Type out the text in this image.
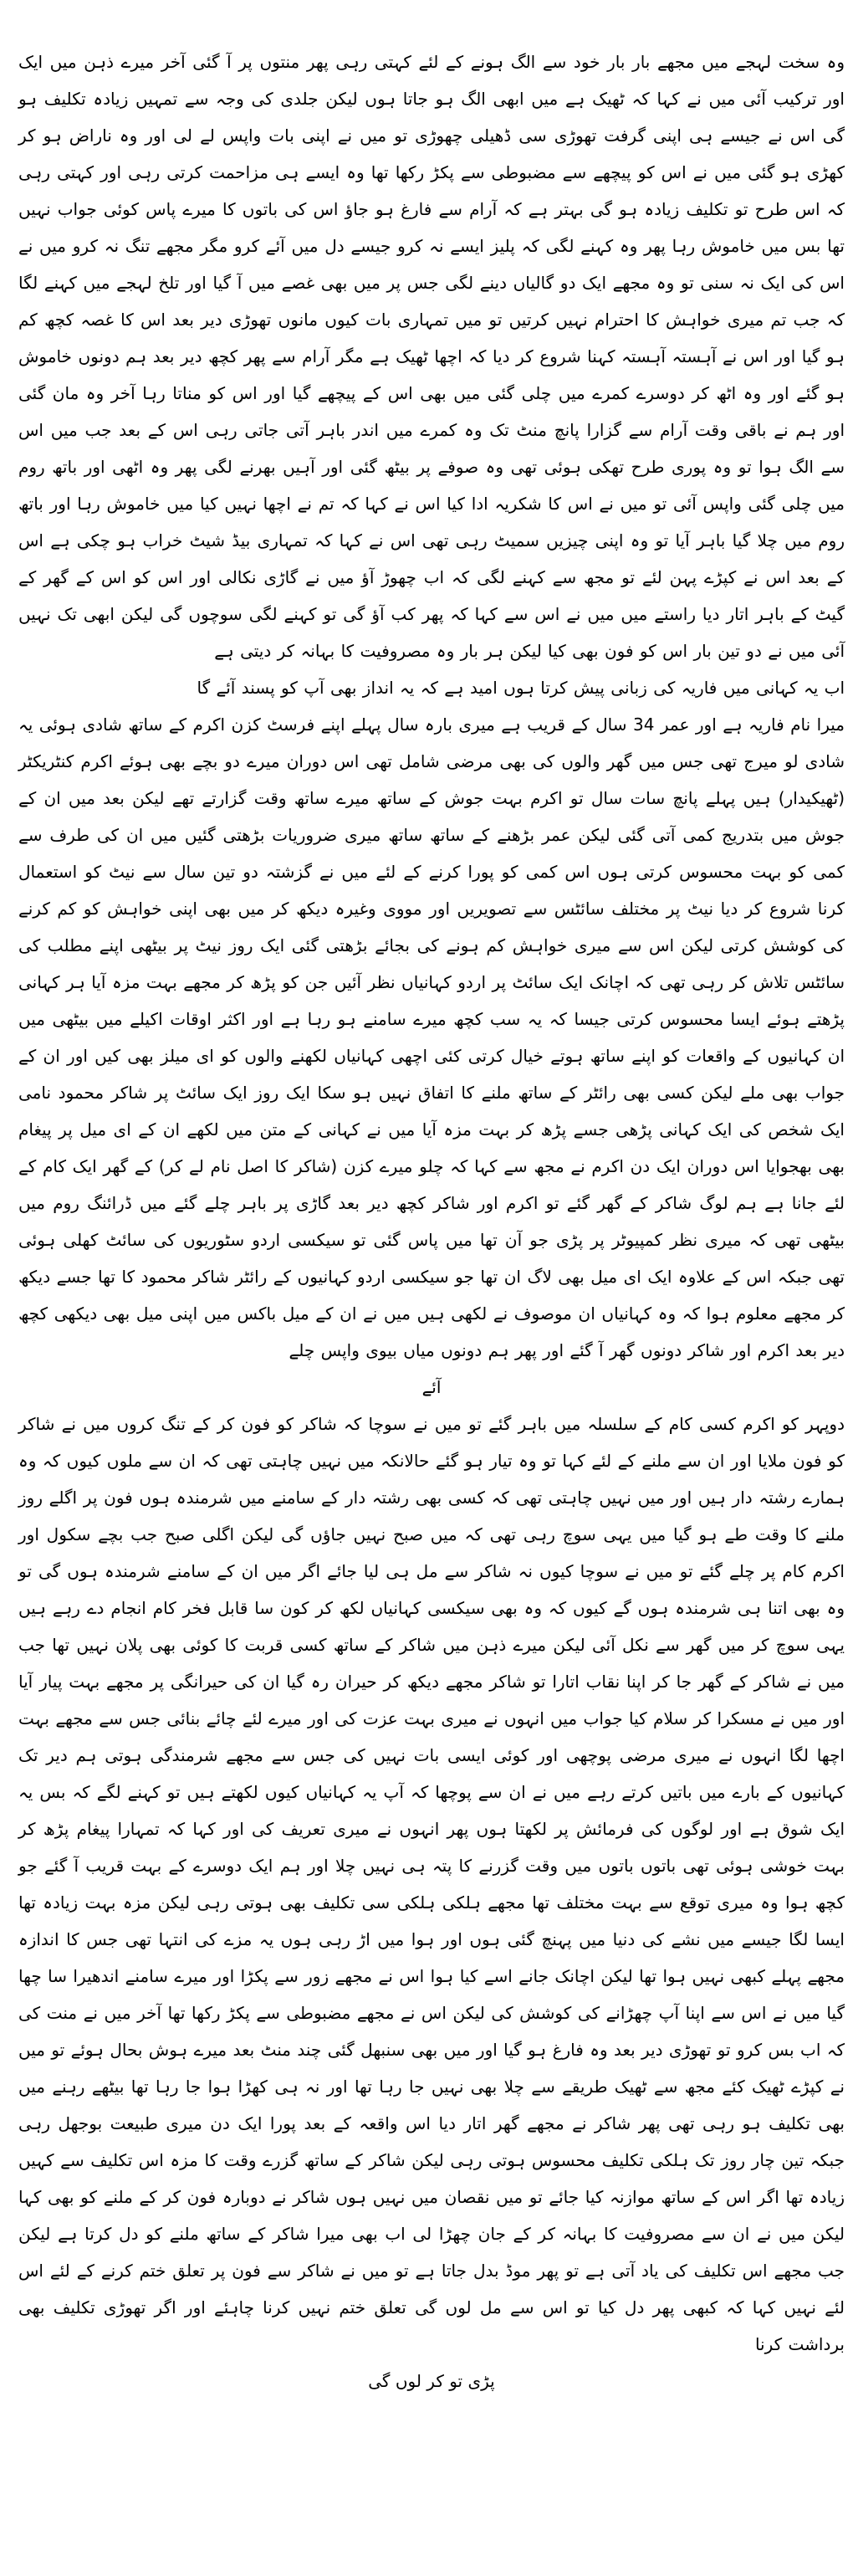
وہ سخت لہجے میں مجھے بار بار خود سے الگ ہونے کے لئے کہتی رہی پھر منتوں پر آ گئی آخر میرے ذہن میں ایک اور ترکیب آئی میں نے کہا کہ ٹھیک ہے میں ابھی الگ ہو جاتا ہوں لیکن جلدی کی وجہ سے تمہیں زیادہ تکلیف ہو گی اس نے جیسے ہی اپنی گرفت تھوڑی سی ڈھیلی چھوڑی تو میں نے اپنی بات واپس لے لی اور وہ ناراض ہو کر کھڑی ہو گئی میں نے اس کو پیچھے سے مضبوطی سے پکڑ رکھا تھا وہ ایسے ہی مزاحمت کرتی رہی اور کہتی رہی کہ اس طرح تو تکلیف زیادہ ہو گی بہتر ہے کہ آرام سے فارغ ہو جاؤ اس کی باتوں کا میرے پاس کوئی جواب نہیں تھا بس میں خاموش رہا پھر وہ کہنے لگی کہ پلیز ایسے نہ کرو جیسے دل میں آئے کرو مگر مجھے تنگ نہ کرو میں نے اس کی ایک نہ سنی تو وہ مجھے ایک دو گالیاں دینے لگی جس پر میں بھی غصے میں آ گیا اور تلخ لہجے میں کہنے لگا کہ جب تم میری خواہش کا احترام نہیں کرتیں تو میں تمہاری بات کیوں مانوں تھوڑی دیر بعد اس کا غصہ کچھ کم ہو گیا اور اس نے آہستہ آہستہ کہنا شروع کر دیا کہ اچھا ٹھیک ہے مگر آرام سے پھر کچھ دیر بعد ہم دونوں خاموش ہو گئے اور وہ اٹھ کر دوسرے کمرے میں چلی گئی میں بھی اس کے پیچھے گیا اور اس کو مناتا رہا آخر وہ مان گئی اور ہم نے باقی وقت آرام سے گزارا پانچ منٹ تک وہ کمرے میں اندر باہر آتی جاتی رہی اس کے بعد جب میں اس سے الگ ہوا تو وہ پوری طرح تھکی ہوئی تھی وہ صوفے پر بیٹھ گئی اور آہیں بھرنے لگی پھر وہ اٹھی اور باتھ روم میں چلی گئی واپس آئی تو میں نے اس کا شکریہ ادا کیا اس نے کہا کہ تم نے اچھا نہیں کیا میں خاموش رہا اور باتھ روم میں چلا گیا باہر آیا تو وہ اپنی چیزیں سمیٹ رہی تھی اس نے کہا کہ تمہاری بیڈ شیٹ خراب ہو چکی ہے اس کے بعد اس نے کپڑے پہن لئے تو مجھ سے کہنے لگی کہ اب چھوڑ آؤ میں نے گاڑی نکالی اور اس کو اس کے گھر کے گیٹ کے باہر اتار دیا راستے میں میں نے اس سے کہا کہ پھر کب آؤ گی تو کہنے لگی سوچوں گی لیکن ابھی تک نہیں آئی میں نے دو تین بار اس کو فون بھی کیا لیکن ہر بار وہ مصروفیت کا بہانہ کر دیتی ہے

اب یہ کہانی میں فاریہ کی زبانی پیش کرتا ہوں امید ہے کہ یہ انداز بھی آپ کو پسند آئے گا

میرا نام فاریہ ہے اور عمر 34 سال کے قریب ہے میری بارہ سال پہلے اپنے فرسٹ کزن اکرم کے ساتھ شادی ہوئی یہ شادی لو میرج تھی جس میں گھر والوں کی بھی مرضی شامل تھی اس دوران میرے دو بچے بھی ہوئے اکرم کنٹریکٹر (ٹھیکیدار) ہیں پہلے پانچ سات سال تو اکرم بہت جوش کے ساتھ میرے ساتھ وقت گزارتے تھے لیکن بعد میں ان کے جوش میں بتدریج کمی آتی گئی لیکن عمر بڑھنے کے ساتھ ساتھ میری ضروریات بڑھتی گئیں میں ان کی طرف سے کمی کو بہت محسوس کرتی ہوں اس کمی کو پورا کرنے کے لئے میں نے گزشتہ دو تین سال سے نیٹ کو استعمال کرنا شروع کر دیا نیٹ پر مختلف سائٹس سے تصویریں اور مووی وغیرہ دیکھ کر میں بھی اپنی خواہش کو کم کرنے کی کوشش کرتی لیکن اس سے میری خواہش کم ہونے کی بجائے بڑھتی گئی ایک روز نیٹ پر بیٹھی اپنے مطلب کی سائٹس تلاش کر رہی تھی کہ اچانک ایک سائٹ پر اردو کہانیاں نظر آئیں جن کو پڑھ کر مجھے بہت مزہ آیا ہر کہانی پڑھتے ہوئے ایسا محسوس کرتی جیسا کہ یہ سب کچھ میرے سامنے ہو رہا ہے اور اکثر اوقات اکیلے میں بیٹھی میں ان کہانیوں کے واقعات کو اپنے ساتھ ہوتے خیال کرتی کئی اچھی کہانیاں لکھنے والوں کو ای میلز بھی کیں اور ان کے جواب بھی ملے لیکن کسی بھی رائٹر کے ساتھ ملنے کا اتفاق نہیں ہو سکا ایک روز ایک سائٹ پر شاکر محمود نامی ایک شخص کی ایک کہانی پڑھی جسے پڑھ کر بہت مزہ آیا میں نے کہانی کے متن میں لکھے ان کے ای میل پر پیغام بھی بھجوایا اس دوران ایک دن اکرم نے مجھ سے کہا کہ چلو میرے کزن (شاکر کا اصل نام لے کر) کے گھر ایک کام کے لئے جانا ہے ہم لوگ شاکر کے گھر گئے تو اکرم اور شاکر کچھ دیر بعد گاڑی پر باہر چلے گئے میں ڈرائنگ روم میں بیٹھی تھی کہ میری نظر کمپیوٹر پر پڑی جو آن تھا میں پاس گئی تو سیکسی اردو سٹوریوں کی سائٹ کھلی ہوئی تھی جبکہ اس کے علاوہ ایک ای میل بھی لاگ ان تھا جو سیکسی اردو کہانیوں کے رائٹر شاکر محمود کا تھا جسے دیکھ کر مجھے معلوم ہوا کہ وہ کہانیاں ان موصوف نے لکھی ہیں میں نے ان کے میل باکس میں اپنی میل بھی دیکھی کچھ دیر بعد اکرم اور شاکر دونوں گھر آ گئے اور پھر ہم دونوں میاں بیوی واپس چلے

آئے

دوپہر کو اکرم کسی کام کے سلسلہ میں باہر گئے تو میں نے سوچا کہ شاکر کو فون کر کے تنگ کروں میں نے شاکر کو فون ملایا اور ان سے ملنے کے لئے کہا تو وہ تیار ہو گئے حالانکہ میں نہیں چاہتی تھی کہ ان سے ملوں کیوں کہ وہ ہمارے رشتہ دار ہیں اور میں نہیں چاہتی تھی کہ کسی بھی رشتہ دار کے سامنے میں شرمندہ ہوں فون پر اگلے روز ملنے کا وقت طے ہو گیا میں یہی سوچ رہی تھی کہ میں صبح نہیں جاؤں گی لیکن اگلی صبح جب بچے سکول اور اکرم کام پر چلے گئے تو میں نے سوچا کیوں نہ شاکر سے مل ہی لیا جائے اگر میں ان کے سامنے شرمندہ ہوں گی تو وہ بھی اتنا ہی شرمندہ ہوں گے کیوں کہ وہ بھی سیکسی کہانیاں لکھ کر کون سا قابل فخر کام انجام دے رہے ہیں یہی سوچ کر میں گھر سے نکل آئی لیکن میرے ذہن میں شاکر کے ساتھ کسی قربت کا کوئی بھی پلان نہیں تھا جب میں نے شاکر کے گھر جا کر اپنا نقاب اتارا تو شاکر مجھے دیکھ کر حیران رہ گیا ان کی حیرانگی پر مجھے بہت پیار آیا اور میں نے مسکرا کر سلام کیا جواب میں انہوں نے میری بہت عزت کی اور میرے لئے چائے بنائی جس سے مجھے بہت اچھا لگا انہوں نے میری مرضی پوچھی اور کوئی ایسی بات نہیں کی جس سے مجھے شرمندگی ہوتی ہم دیر تک کہانیوں کے بارے میں باتیں کرتے رہے میں نے ان سے پوچھا کہ آپ یہ کہانیاں کیوں لکھتے ہیں تو کہنے لگے کہ بس یہ ایک شوق ہے اور لوگوں کی فرمائش پر لکھتا ہوں پھر انہوں نے میری تعریف کی اور کہا کہ تمہارا پیغام پڑھ کر بہت خوشی ہوئی تھی باتوں باتوں میں وقت گزرنے کا پتہ ہی نہیں چلا اور ہم ایک دوسرے کے بہت قریب آ گئے جو کچھ ہوا وہ میری توقع سے بہت مختلف تھا مجھے ہلکی ہلکی سی تکلیف بھی ہوتی رہی لیکن مزہ بہت زیادہ تھا ایسا لگا جیسے میں نشے کی دنیا میں پہنچ گئی ہوں اور ہوا میں اڑ رہی ہوں یہ مزے کی انتہا تھی جس کا اندازہ مجھے پہلے کبھی نہیں ہوا تھا لیکن اچانک جانے اسے کیا ہوا اس نے مجھے زور سے پکڑا اور میرے سامنے اندھیرا سا چھا گیا میں نے اس سے اپنا آپ چھڑانے کی کوشش کی لیکن اس نے مجھے مضبوطی سے پکڑ رکھا تھا آخر میں نے منت کی کہ اب بس کرو تو تھوڑی دیر بعد وہ فارغ ہو گیا اور میں بھی سنبھل گئی چند منٹ بعد میرے ہوش بحال ہوئے تو میں نے کپڑے ٹھیک کئے مجھ سے ٹھیک طریقے سے چلا بھی نہیں جا رہا تھا اور نہ ہی کھڑا ہوا جا رہا تھا بیٹھے رہنے میں بھی تکلیف ہو رہی تھی پھر شاکر نے مجھے گھر اتار دیا اس واقعہ کے بعد پورا ایک دن میری طبیعت بوجھل رہی جبکہ تین چار روز تک ہلکی تکلیف محسوس ہوتی رہی لیکن شاکر کے ساتھ گزرے وقت کا مزہ اس تکلیف سے کہیں زیادہ تھا اگر اس کے ساتھ موازنہ کیا جائے تو میں نقصان میں نہیں ہوں شاکر نے دوبارہ فون کر کے ملنے کو بھی کہا لیکن میں نے ان سے مصروفیت کا بہانہ کر کے جان چھڑا لی اب بھی میرا شاکر کے ساتھ ملنے کو دل کرتا ہے لیکن جب مجھے اس تکلیف کی یاد آتی ہے تو پھر موڈ بدل جاتا ہے تو میں نے شاکر سے فون پر تعلق ختم کرنے کے لئے اس لئے نہیں کہا کہ کبھی پھر دل کیا تو اس سے مل لوں گی تعلق ختم نہیں کرنا چاہئے اور اگر تھوڑی تکلیف بھی برداشت کرنا

پڑی تو کر لوں گی
